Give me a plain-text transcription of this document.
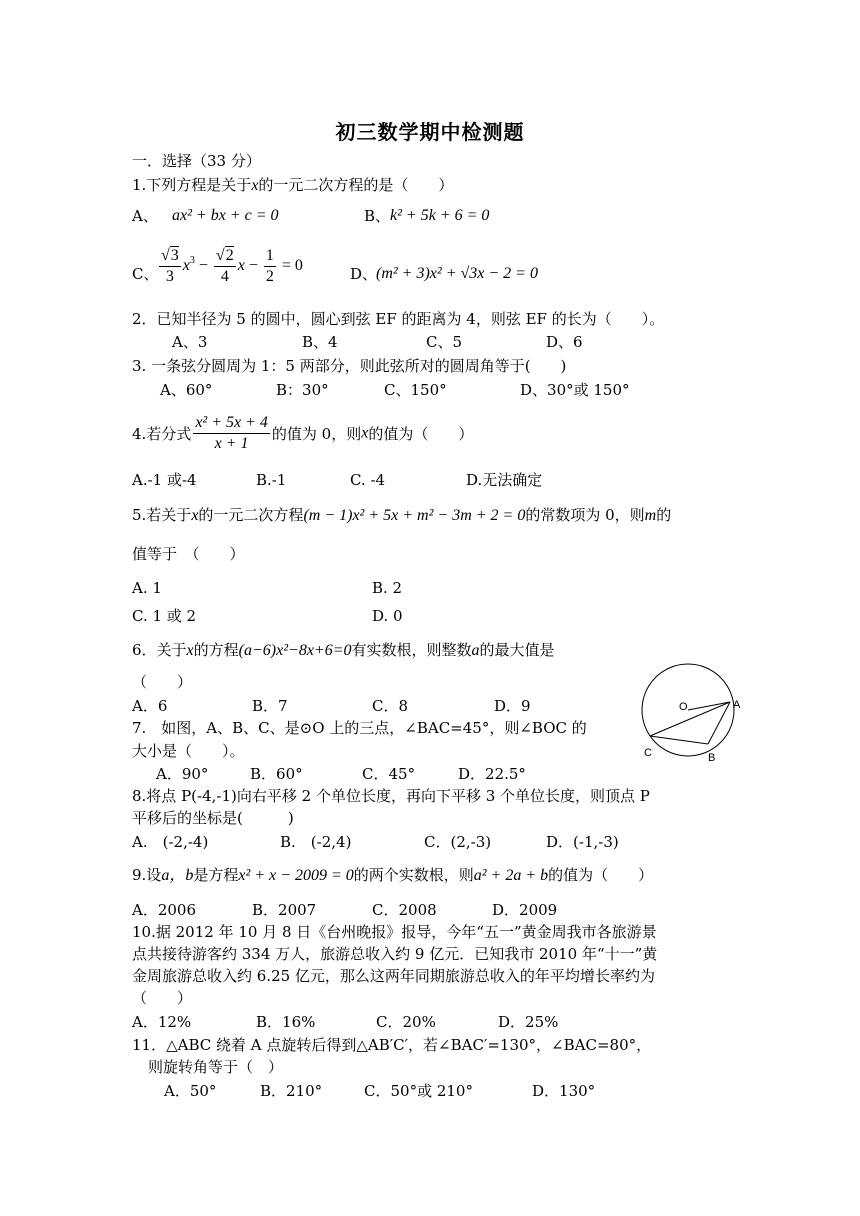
初三数学期中检测题
一．选择（33 分）
1.下列方程是关于x的一元二次方程的是（　　）
A、 ax² + bx + c = 0	B、 k² + 5k + 6 = 0
C、 $\frac{√3}{3} x^3 - \frac{√2}{4}$ $x - \frac{1}{2} = 0$	D、
(m² + 3)x² + √3x − 2 = 0
2．已知半径为 5 的圆中，圆心到弦 EF 的距离为 4，则弦 EF 的长为（　　）。
A、3	B、4	C、5	D、6
3. 一条弦分圆周为 1：5 两部分，则此弦所对的圆周角等于(　　)
A、60°	B：30°	C、150°	D、30°或 150°
4.若分式 $\frac{\text{x² + 5x + 4}}{x + 1}$ 的值为 0，则x的值为（　　）
A.-1 或-4	B.-1	C. -4	D.无法确定
5.若关于x的一元二次方程(m − 1)x² + 5x + m² − 3m + 2 = 0的常数项为 0，则m的
值等于　（　　）
A. 1	B. 2
C. 1 或 2	D. 0
6．关于x的方程(a−6)x²−8x+6=0有实数根，则整数a的最大值是
（　　）
A．6	B．7	C．8	D．9	O	A
C	B
7.　如图，A、B、C、是⊙O 上的三点，∠BAC=45°，则∠BOC 的
大小是（　　）。
A．90°	B．60°	C．45°	D．22.5°
8.将点 P(-4,-1)向右平移 2 个单位长度，再向下平移 3 个单位长度，则顶点 P
平移后的坐标是(　　　)
A.　(-2,-4)	B.　(-2,4)	C．(2,-3)	D．(-1,-3)
9.设a，b是方程x² + x − 2009 = 0的两个实数根，则a² + 2a + b的值为（　　）
A．2006	B．2007	C．2008	D．2009
10.据 2012 年 10 月 8 日《台州晚报》报导，今年“五一”黄金周我市各旅游景
点共接待游客约 334 万人，旅游总收入约 9 亿元．已知我市 2010 年“十一”黄
金周旅游总收入约 6.25 亿元，那么这两年同期旅游总收入的年平均增长率约为
（　　）
A．12%	B．16%	C．20%	D．25%
11．△ABC 绕着 A 点旋转后得到△AB′C′，若∠BAC′=130°，∠BAC=80°，
则旋转角等于（　）
A．50°	B．210°	C．50°或 210°	D．130°
